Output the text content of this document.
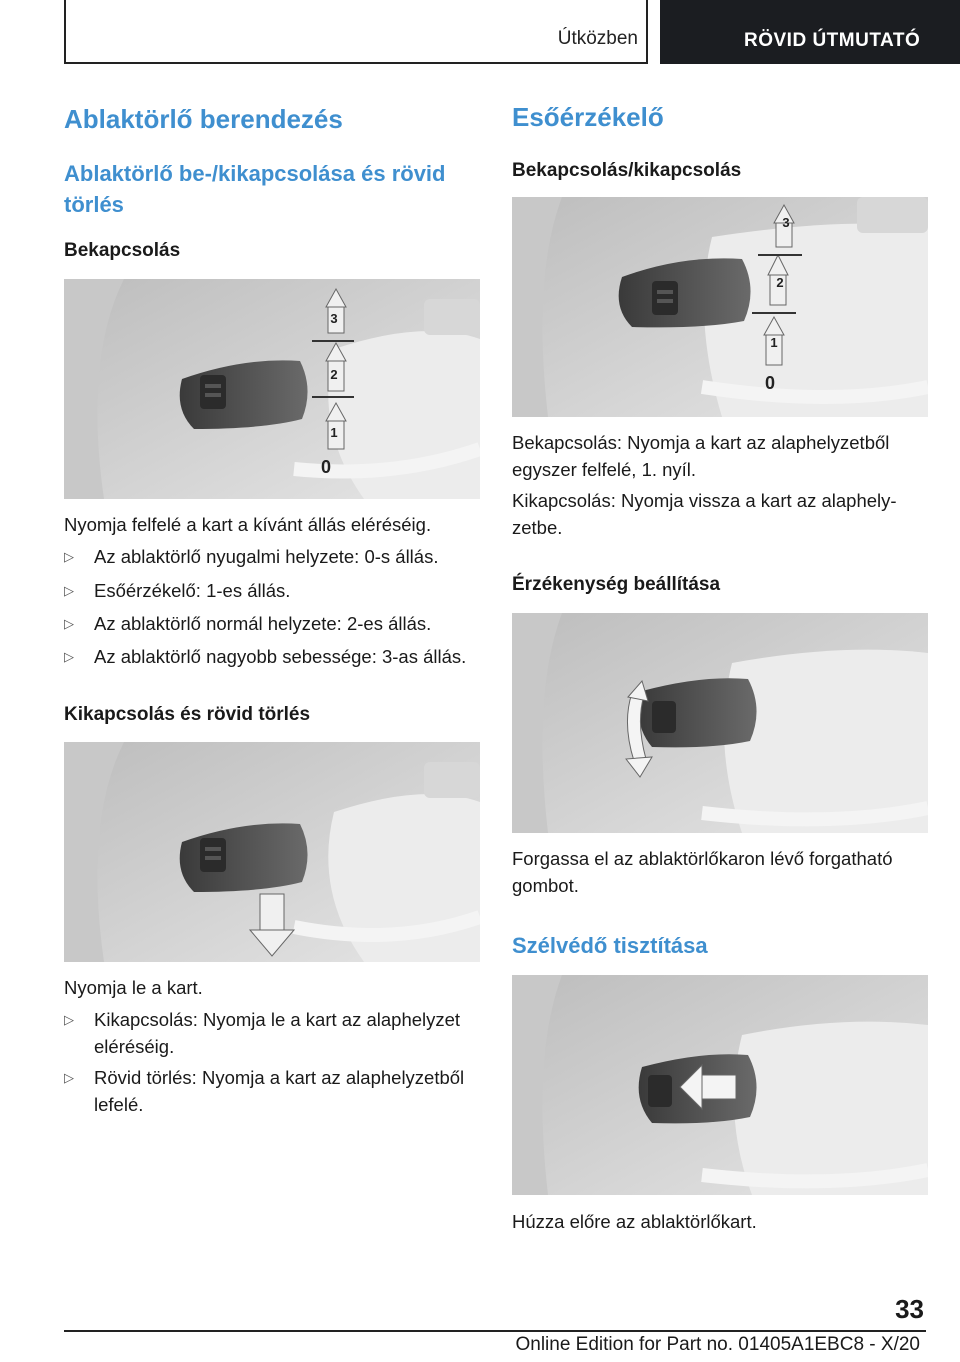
Útközben	RÖVID ÚTMUTATÓ
Ablaktörlő berendezés
Ablaktörlő be-/kikapcsolása és rövid törlés
Bekapcsolás
3
2
1
0
Nyomja felfelé a kart a kívánt állás eléréséig.
▷ Az ablaktörlő nyugalmi helyzete: 0-s állás.
▷ Esőérzékelő: 1-es állás.
▷ Az ablaktörlő normál helyzete: 2-es állás.
▷ Az ablaktörlő nagyobb sebessége: 3-as állás.
Kikapcsolás és rövid törlés
Nyomja le a kart.
▷ Kikapcsolás: Nyomja le a kart az alaphelyzet eléréséig.
▷ Rövid törlés: Nyomja a kart az alaphelyzetből lefelé.
Esőérzékelő
Bekapcsolás/kikapcsolás
3
2
1
0
Bekapcsolás: Nyomja a kart az alaphelyzetből egyszer felfelé, 1. nyíl.
Kikapcsolás: Nyomja vissza a kart az alaphely-zetbe.
Érzékenység beállítása
Forgassa el az ablaktörlőkaron lévő forgatható gombot.
Szélvédő tisztítása
Húzza előre az ablaktörlőkart.
33
Online Edition for Part no. 01405A1EBC8 - X/20
